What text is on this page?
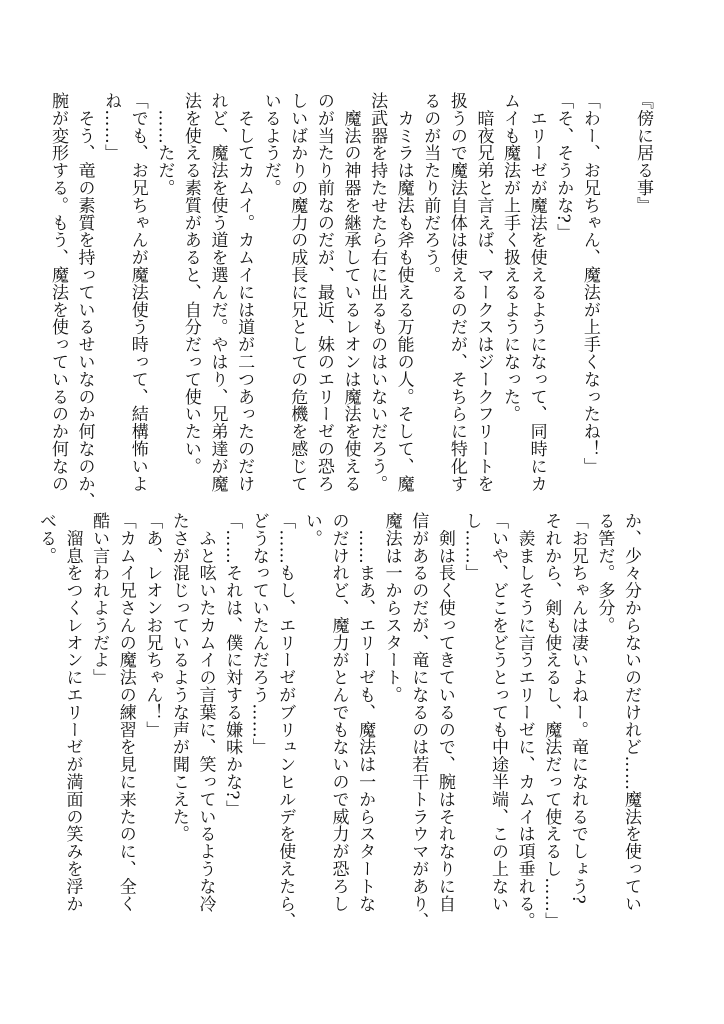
『傍に居る事』

「わー、お兄ちゃん、魔法が上手くなったね！」
「そ、そうかな?」
　エリーゼが魔法を使えるようになって、同時にカ
ムイも魔法が上手く扱えるようになった。
　暗夜兄弟と言えば、マークスはジークフリートを
扱うので魔法自体は使えるのだが、そちらに特化す
るのが当たり前だろう。
　カミラは魔法も斧も使える万能の人。そして、魔
法武器を持たせたら右に出るものはいないだろう。
　魔法の神器を継承しているレオンは魔法を使える
のが当たり前なのだが、最近、妹のエリーゼの恐ろ
しいばかりの魔力の成長に兄としての危機を感じて
いるようだ。
　そしてカムイ。カムイには道が二つあったのだけ
れど、魔法を使う道を選んだ。やはり、兄弟達が魔
法を使える素質があると、自分だって使いたい。
　……ただ。
「でも、お兄ちゃんが魔法使う時って、結構怖いよ
ね……」
　そう、竜の素質を持っているせいなのか何なのか、
腕が変形する。もう、魔法を使っているのか何なの
か、少々分からないのだけれど……魔法を使ってい
る筈だ。多分。
「お兄ちゃんは凄いよねー。竜になれるでしょう?
それから、剣も使えるし、魔法だって使えるし……」
　羨ましそうに言うエリーゼに、カムイは項垂れる。
「いや、どこをどうとっても中途半端、この上ない
し……」
　剣は長く使ってきているので、腕はそれなりに自
信があるのだが、竜になるのは若干トラウマがあり、
魔法は一からスタート。
　……まあ、エリーゼも、魔法は一からスタートな
のだけれど、魔力がとんでもないので威力が恐ろし
い。
「……もし、エリーゼがブリュンヒルデを使えたら、
どうなっていたんだろう……」
「……それは、僕に対する嫌味かな?」
　ふと呟いたカムイの言葉に、笑っているような冷
たさが混じっているような声が聞こえた。
「あ、レオンお兄ちゃん！」
「カムイ兄さんの魔法の練習を見に来たのに、全く
酷い言われようだよ」
　溜息をつくレオンにエリーゼが満面の笑みを浮か
べる。
